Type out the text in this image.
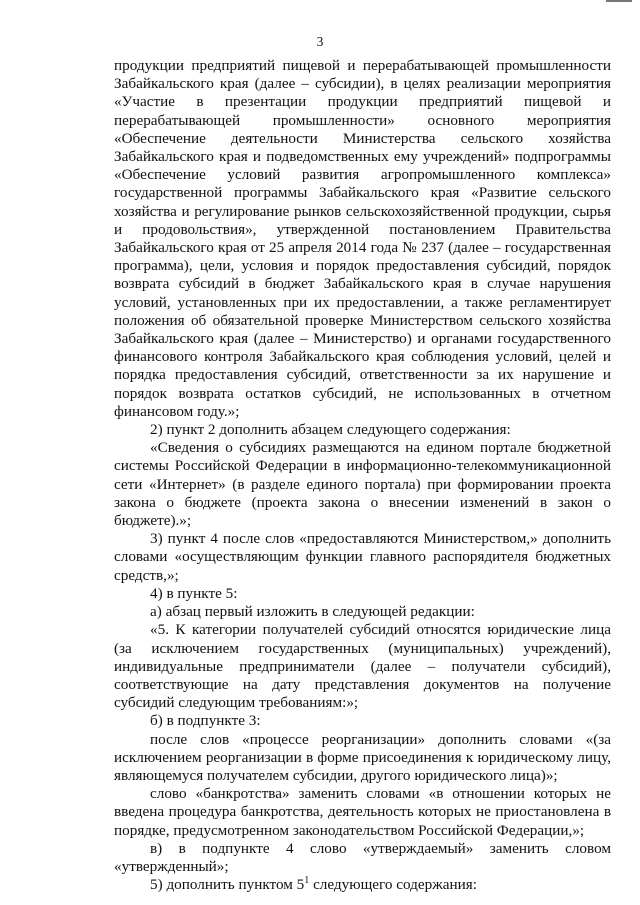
3

продукции предприятий пищевой и перерабатывающей промышленности Забайкальского края (далее – субсидии), в целях реализации мероприятия «Участие в презентации продукции предприятий пищевой и перерабатывающей промышленности» основного мероприятия «Обеспечение деятельности Министерства сельского хозяйства Забайкальского края и подведомственных ему учреждений» подпрограммы «Обеспечение условий развития агропромышленного комплекса» государственной программы Забайкальского края «Развитие сельского хозяйства и регулирование рынков сельскохозяйственной продукции, сырья и продовольствия», утвержденной постановлением Правительства Забайкальского края от 25 апреля 2014 года № 237 (далее – государственная программа), цели, условия и порядок предоставления субсидий, порядок возврата субсидий в бюджет Забайкальского края в случае нарушения условий, установленных при их предоставлении, а также регламентирует положения об обязательной проверке Министерством сельского хозяйства Забайкальского края (далее – Министерство) и органами государственного финансового контроля Забайкальского края соблюдения условий, целей и порядка предоставления субсидий, ответственности за их нарушение и порядок возврата остатков субсидий, не использованных в отчетном финансовом году.»;

2) пункт 2 дополнить абзацем следующего содержания:

«Сведения о субсидиях размещаются на едином портале бюджетной системы Российской Федерации в информационно-телекоммуникационной сети «Интернет» (в разделе единого портала) при формировании проекта закона о бюджете (проекта закона о внесении изменений в закон о бюджете).»;

3) пункт 4 после слов «предоставляются Министерством,» дополнить словами «осуществляющим функции главного распорядителя бюджетных средств,»;

4) в пункте 5:

а) абзац первый изложить в следующей редакции:

«5. К категории получателей субсидий относятся юридические лица (за исключением государственных (муниципальных) учреждений), индивидуальные предприниматели (далее – получатели субсидий), соответствующие на дату представления документов на получение субсидий следующим требованиям:»;

б) в подпункте 3:

после слов «процессе реорганизации» дополнить словами «(за исключением реорганизации в форме присоединения к юридическому лицу, являющемуся получателем субсидии, другого юридического лица)»;

слово «банкротства» заменить словами «в отношении которых не введена процедура банкротства, деятельность которых не приостановлена в порядке, предусмотренном законодательством Российской Федерации,»;

в) в подпункте 4 слово «утверждаемый» заменить словом «утвержденный»;

5) дополнить пунктом $5^1$ следующего содержания:
